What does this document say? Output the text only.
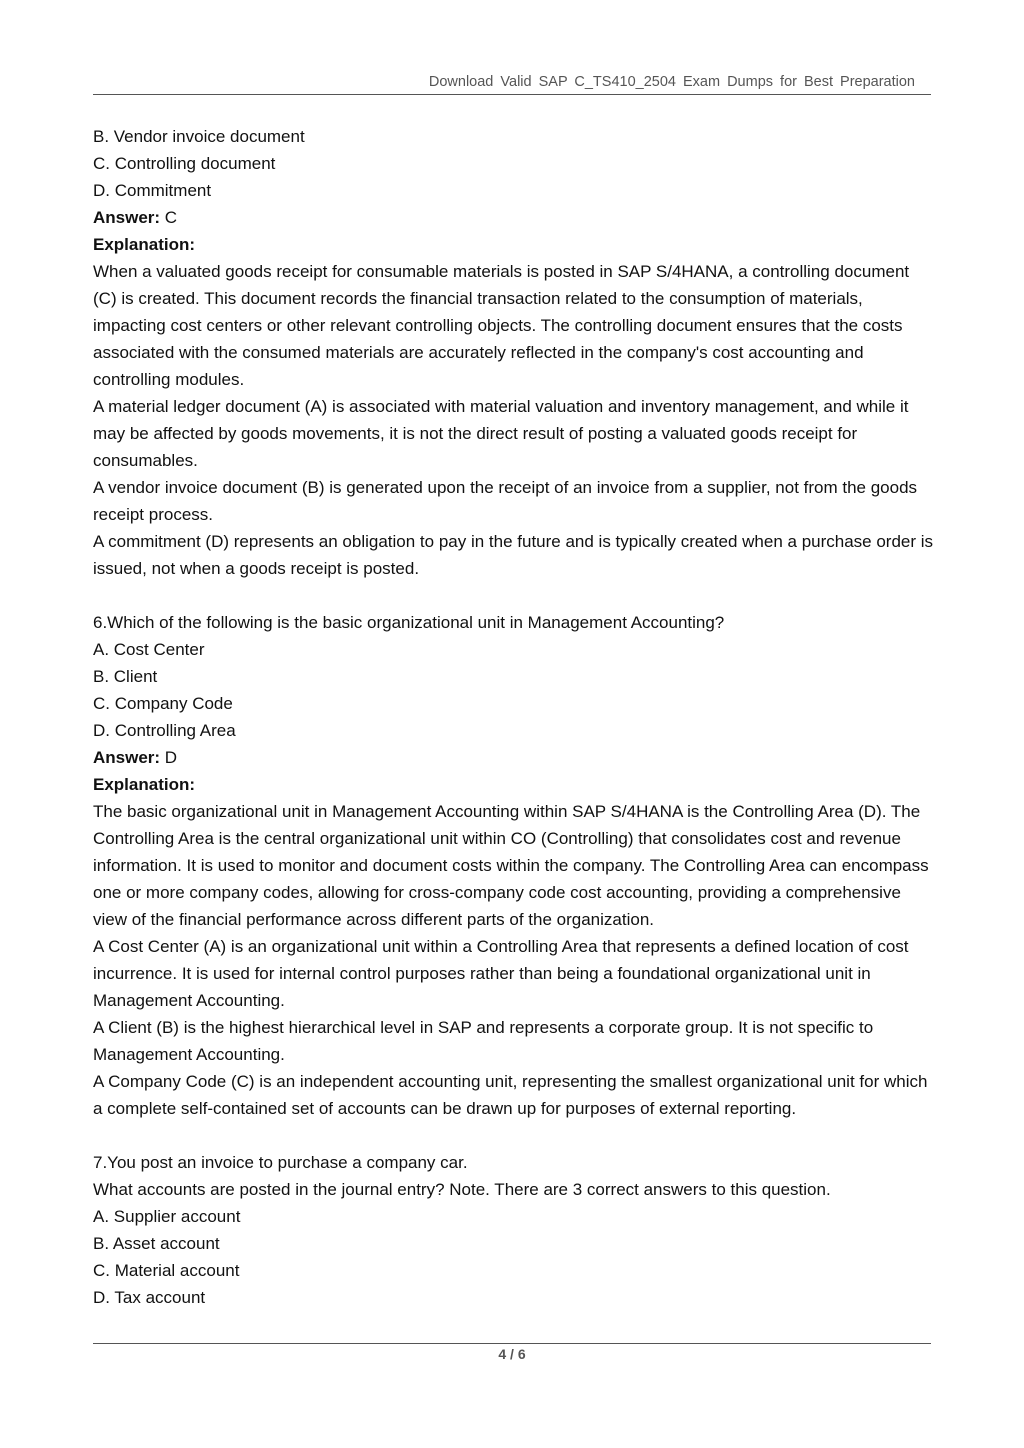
Download Valid SAP C_TS410_2504 Exam Dumps for Best Preparation

B. Vendor invoice document

C. Controlling document

D. Commitment

Answer: C

Explanation:

When a valuated goods receipt for consumable materials is posted in SAP S/4HANA, a controlling document (C) is created. This document records the financial transaction related to the consumption of materials, impacting cost centers or other relevant controlling objects. The controlling document ensures that the costs associated with the consumed materials are accurately reflected in the company's cost accounting and controlling modules.

A material ledger document (A) is associated with material valuation and inventory management, and while it may be affected by goods movements, it is not the direct result of posting a valuated goods receipt for consumables.

A vendor invoice document (B) is generated upon the receipt of an invoice from a supplier, not from the goods receipt process.

A commitment (D) represents an obligation to pay in the future and is typically created when a purchase order is issued, not when a goods receipt is posted.

6.Which of the following is the basic organizational unit in Management Accounting?

A. Cost Center

B. Client

C. Company Code

D. Controlling Area

Answer: D

Explanation:

The basic organizational unit in Management Accounting within SAP S/4HANA is the Controlling Area (D). The Controlling Area is the central organizational unit within CO (Controlling) that consolidates cost and revenue information. It is used to monitor and document costs within the company. The Controlling Area can encompass one or more company codes, allowing for cross-company code cost accounting, providing a comprehensive view of the financial performance across different parts of the organization.

A Cost Center (A) is an organizational unit within a Controlling Area that represents a defined location of cost incurrence. It is used for internal control purposes rather than being a foundational organizational unit in Management Accounting.

A Client (B) is the highest hierarchical level in SAP and represents a corporate group. It is not specific to Management Accounting.

A Company Code (C) is an independent accounting unit, representing the smallest organizational unit for which a complete self-contained set of accounts can be drawn up for purposes of external reporting.

7.You post an invoice to purchase a company car.

What accounts are posted in the journal entry? Note. There are 3 correct answers to this question.

A. Supplier account

B. Asset account

C. Material account

D. Tax account

4 / 6
